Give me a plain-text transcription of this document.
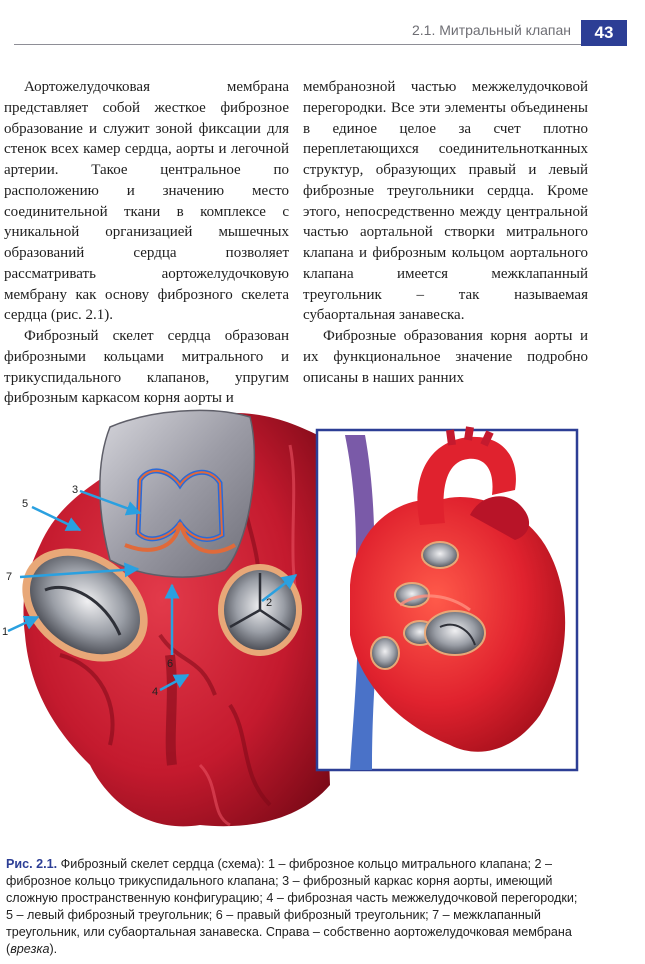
2.1. Митральный клапан	43

Аортожелудочковая мембрана представляет собой жесткое фиброзное образование и служит зоной фиксации для стенок всех камер сердца, аорты и легочной артерии. Такое центральное по расположению и значению место соединительной ткани в комплексе с уникальной организацией мышечных образований сердца позволяет рассматривать аортожелудочковую мембрану как основу фиброзного скелета сердца (рис. 2.1).

Фиброзный скелет сердца образован фиброзными кольцами митрального и трикуспидального клапанов, упругим фиброзным каркасом корня аорты и

мембранозной частью межжелудочковой перегородки. Все эти элементы объединены в единое целое за счет плотно переплетающихся соединительнотканных структур, образующих правый и левый фиброзные треугольники сердца. Кроме этого, непосредственно между центральной частью аортальной створки митрального клапана и фиброзным кольцом аортального клапана имеется межклапанный треугольник – так называемая субаортальная занавеска.

Фиброзные образования корня аорты и их функциональное значение подробно описаны в наших ранних

1
2
3
4
5
6
7
Рис. 2.1. Фиброзный скелет сердца (схема): 1 – фиброзное кольцо митрального клапана; 2 – фиброзное кольцо трикуспидального клапана; 3 – фиброзный каркас корня аорты, имеющий сложную пространственную конфигурацию; 4 – фиброзная часть межжелудочковой перегородки; 5 – левый фиброзный треугольник; 6 – правый фиброзный треугольник; 7 – межклапанный треугольник, или субаортальная занавеска. Справа – собственно аортожелудочковая мембрана (врезка).
